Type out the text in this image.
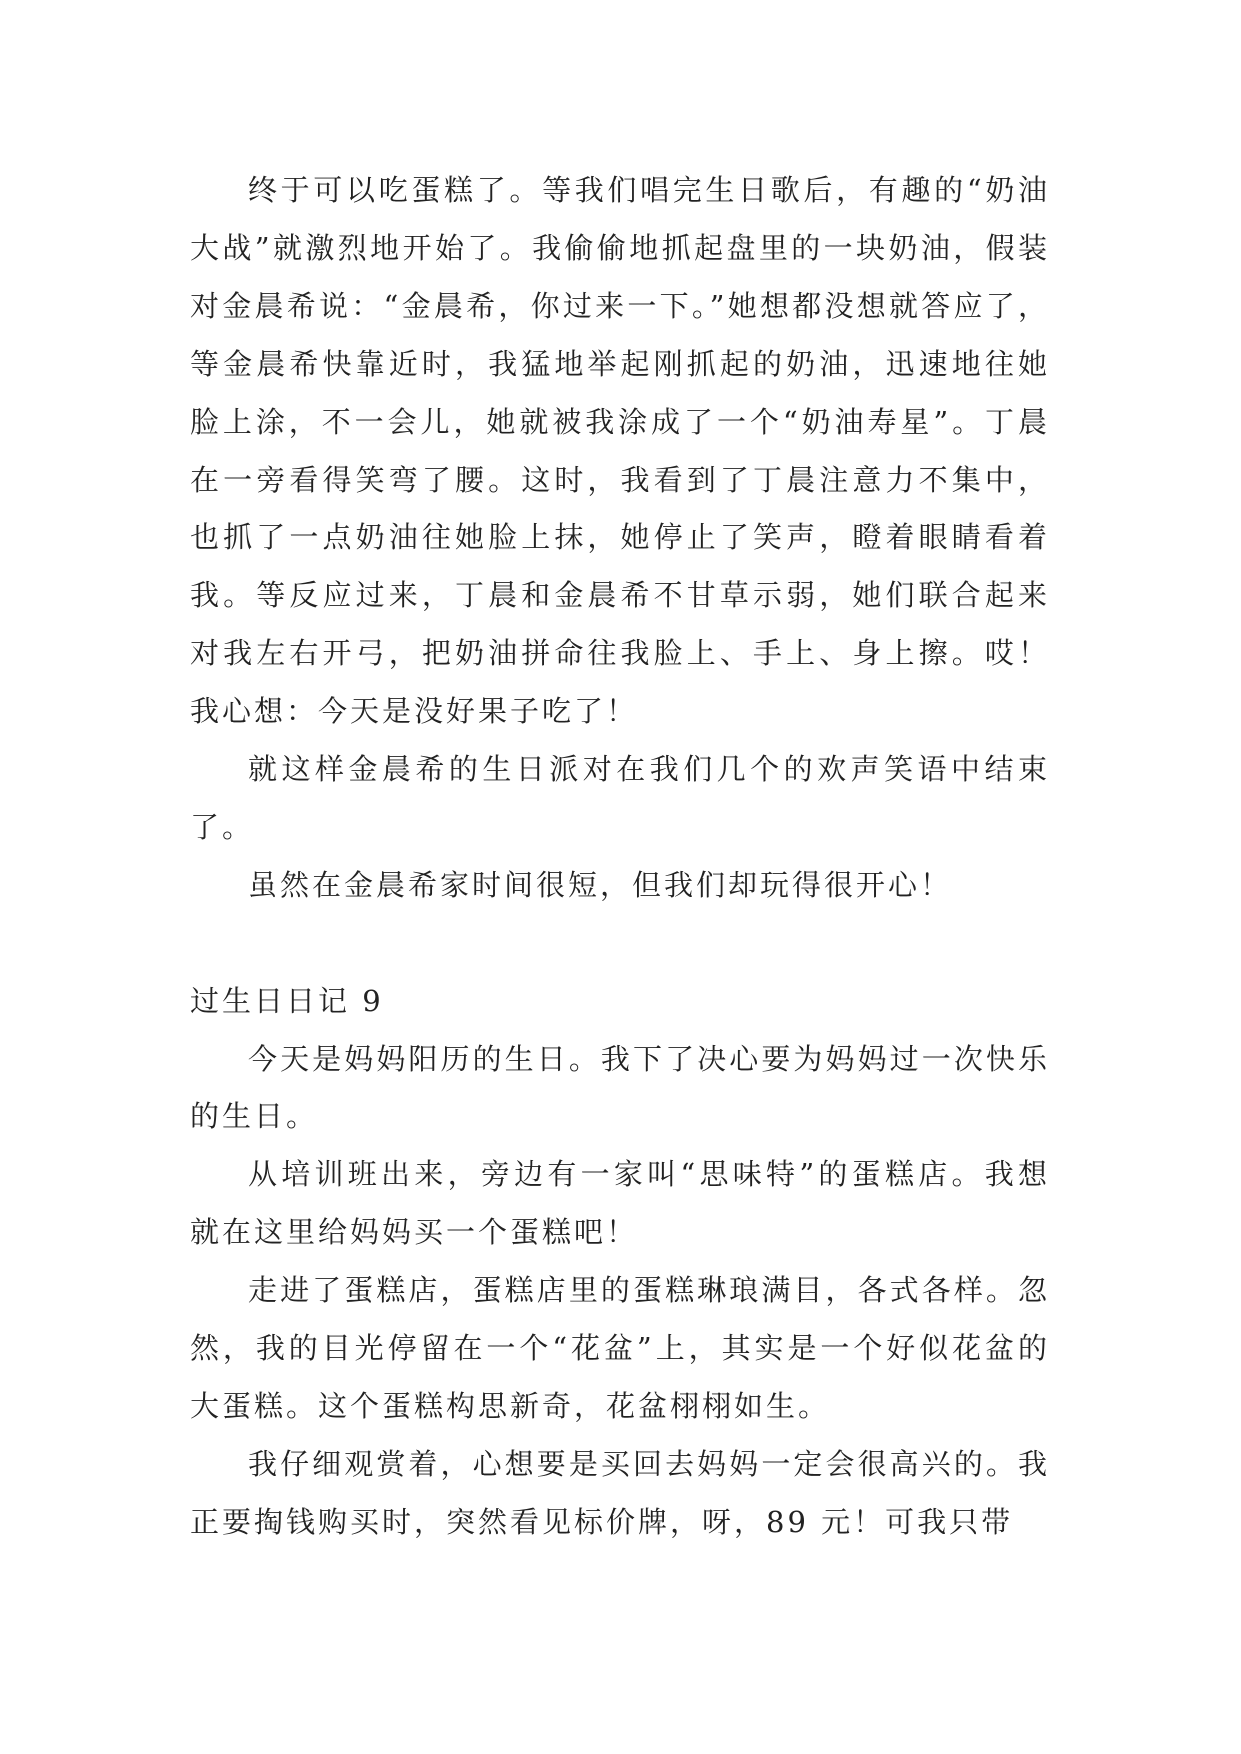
终于可以吃蛋糕了。等我们唱完生日歌后，有趣的“奶油大战”就激烈地开始了。我偷偷地抓起盘里的一块奶油，假装对金晨希说：“金晨希，你过来一下。”她想都没想就答应了，等金晨希快靠近时，我猛地举起刚抓起的奶油，迅速地往她脸上涂，不一会儿，她就被我涂成了一个“奶油寿星”。丁晨在一旁看得笑弯了腰。这时，我看到了丁晨注意力不集中，也抓了一点奶油往她脸上抹，她停止了笑声，瞪着眼睛看着我。等反应过来，丁晨和金晨希不甘草示弱，她们联合起来对我左右开弓，把奶油拼命往我脸上、手上、身上擦。哎！我心想：今天是没好果子吃了！

就这样金晨希的生日派对在我们几个的欢声笑语中结束了。

虽然在金晨希家时间很短，但我们却玩得很开心！

过生日日记 9

今天是妈妈阳历的生日。我下了决心要为妈妈过一次快乐的生日。

从培训班出来，旁边有一家叫“思味特”的蛋糕店。我想就在这里给妈妈买一个蛋糕吧！

走进了蛋糕店，蛋糕店里的蛋糕琳琅满目，各式各样。忽然，我的目光停留在一个“花盆”上，其实是一个好似花盆的大蛋糕。这个蛋糕构思新奇，花盆栩栩如生。

我仔细观赏着，心想要是买回去妈妈一定会很高兴的。我正要掏钱购买时，突然看见标价牌，呀，89 元！可我只带
